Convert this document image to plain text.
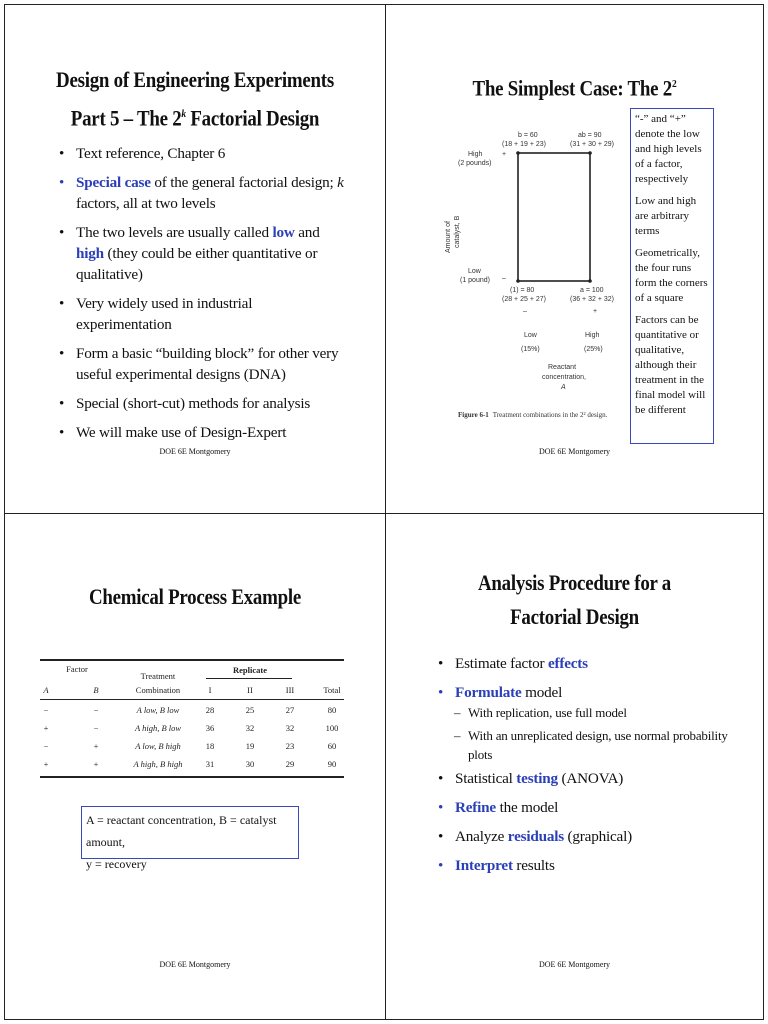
Design of Engineering Experiments
Part 5 – The 2$^k$ Factorial Design
• Text reference, Chapter 6
• Special case of the general factorial design; k factors, all at two levels
• The two levels are usually called low and high (they could be either quantitative or qualitative)
• Very widely used in industrial experimentation
• Form a basic “building block” for other very useful experimental designs (DNA)
• Special (short-cut) methods for analysis
• We will make use of Design-Expert
DOE 6E Montgomery
The Simplest Case: The $2^2$
Amount of catalyst, B
High
(2 pounds)
+
Low
(1 pound) –
b = 60
(18 + 19 + 23)
ab = 90
(31 + 30 + 29)
(1) = 80
(28 + 25 + 27)
a = 100
(36 + 32 + 32)
–	+
Low
(15%)
High
(25%)
Reactant
concentration,
A
Figure 6-1 Treatment combinations in the 2² design.

“-” and “+” denote the low and high levels of a factor, respectively

Low and high are arbitrary terms

Geometrically, the four runs form the corners of a square

Factors can be quantitative or qualitative, although their treatment in the final model will be different

DOE 6E Montgomery
Chemical Process Example
Factor
Treatment
Combination
Replicate
A	B	I	II	III	Total
−	−	A low, B low	28	25	27	80
+	−	A high, B low	36	32	32	100
−	+	A low, B high	18	19	23	60
+	+	A high, B high	31	30	29	90
A = reactant concentration, B = catalyst amount,
y = recovery
DOE 6E Montgomery
Analysis Procedure for a
Factorial Design
• Estimate factor effects
• Formulate model
– With replication, use full model
– With an unreplicated design, use normal probability plots
• Statistical testing (ANOVA)
• Refine the model
• Analyze residuals (graphical)
• Interpret results
DOE 6E Montgomery
